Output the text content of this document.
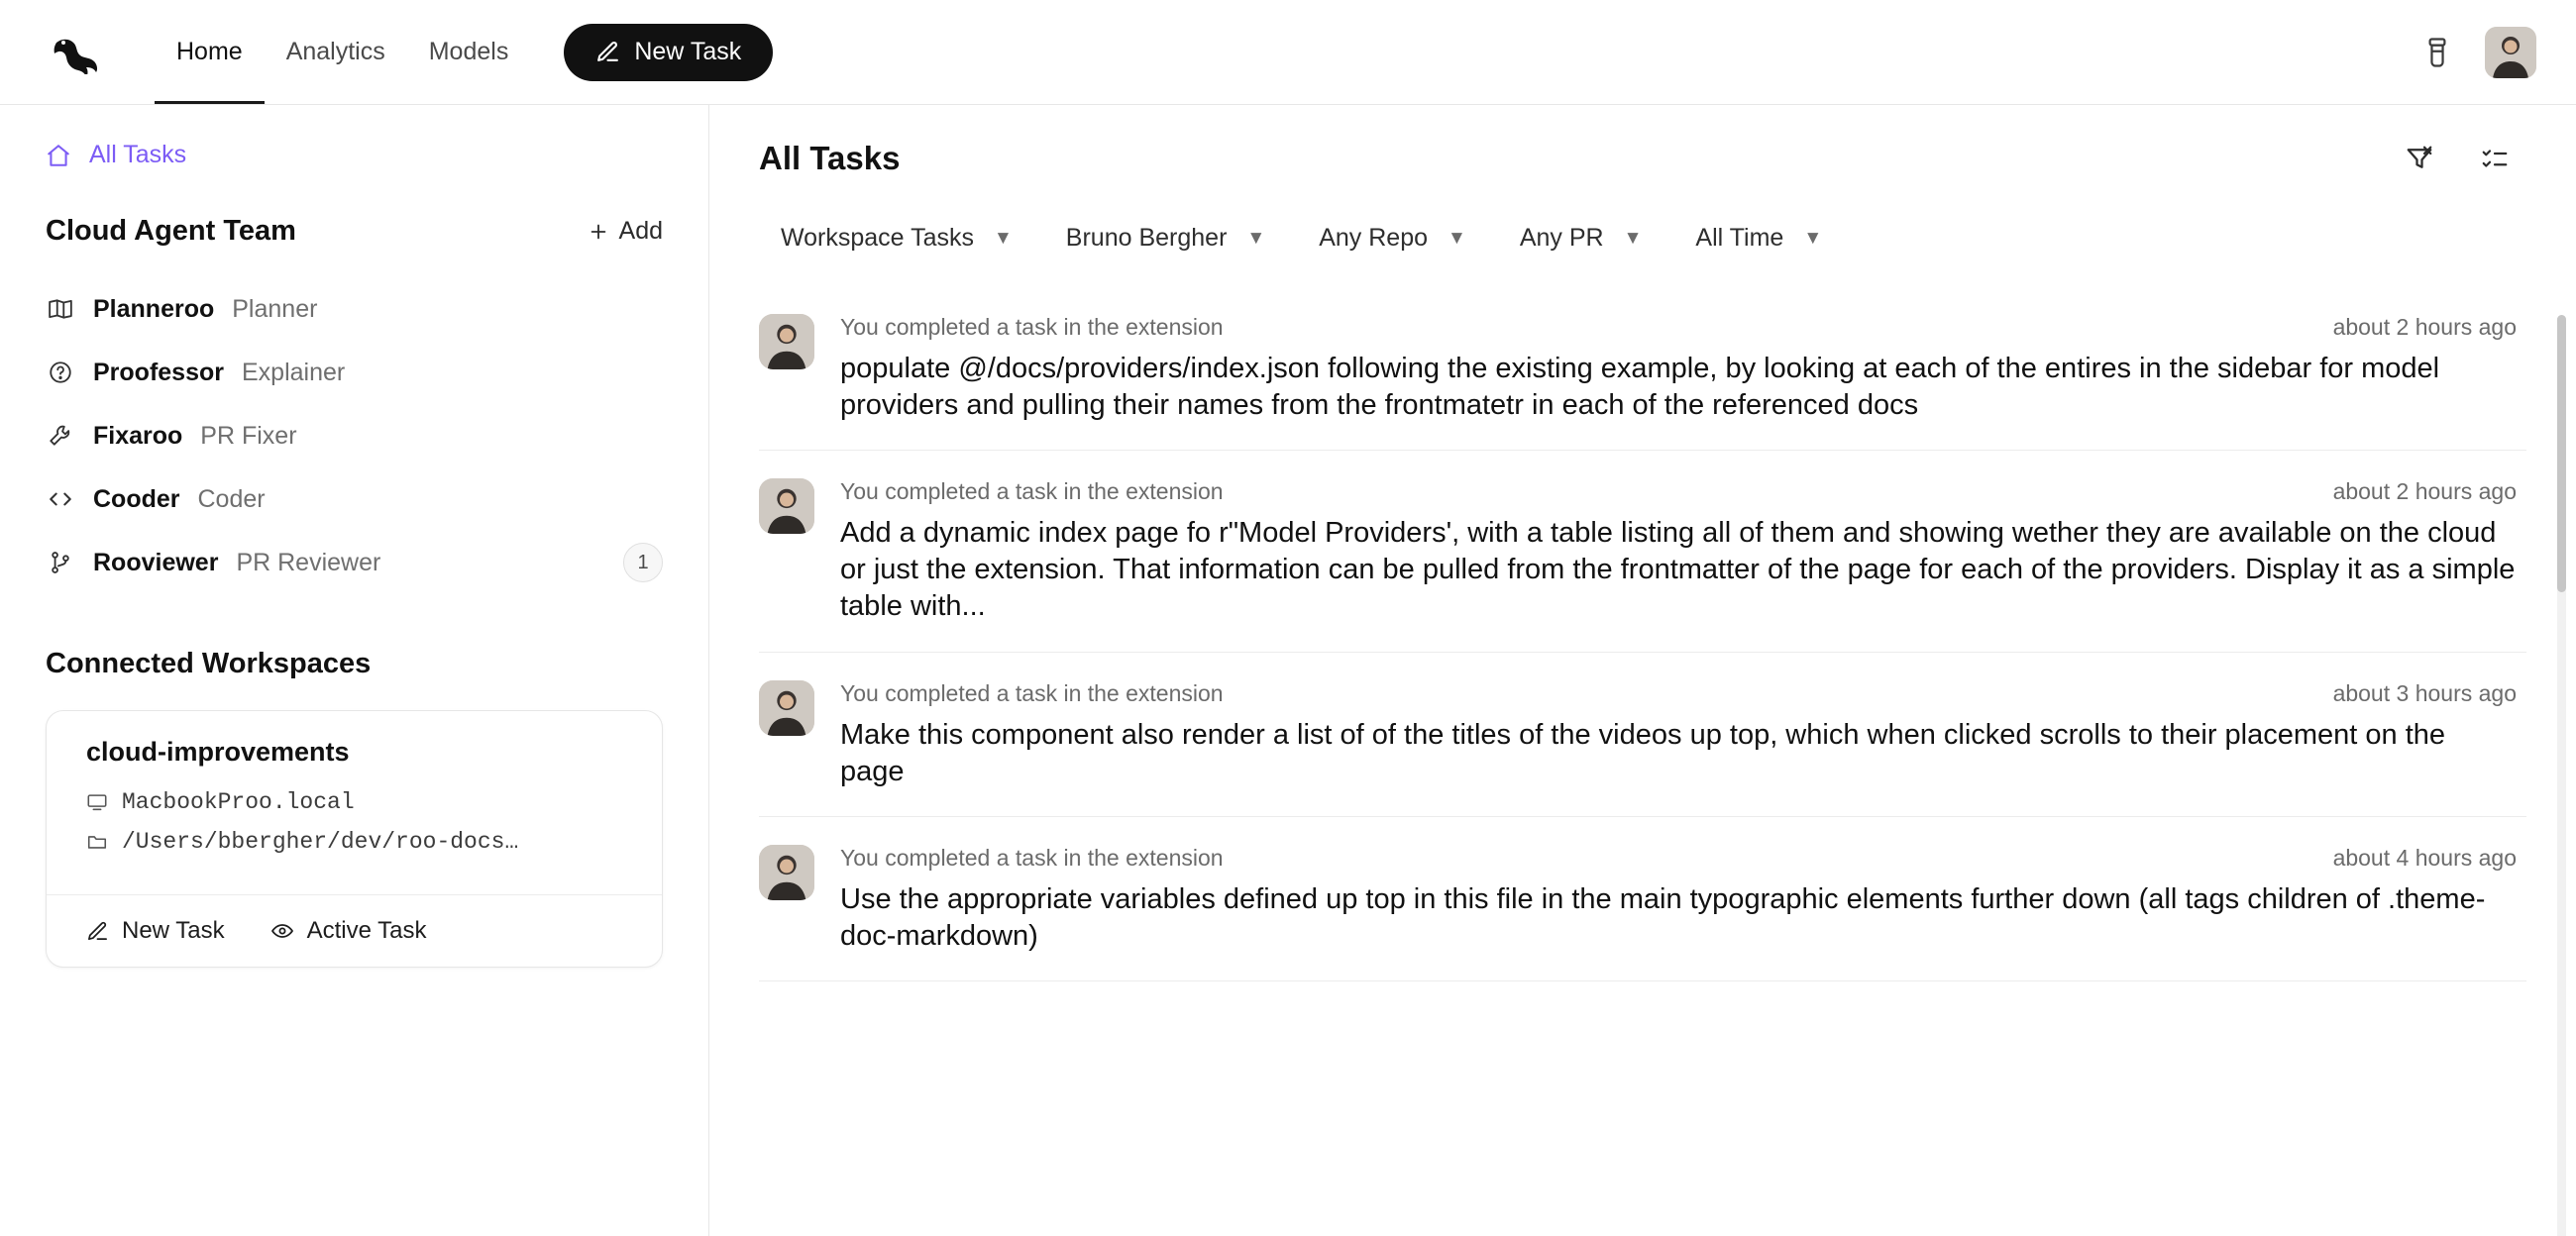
Home	Analytics	Models	New Task
All Tasks
Cloud Agent Team	Add
Planneroo Planner
Proofessor Explainer
Fixaroo PR Fixer
Cooder Coder
Rooviewer PR Reviewer	1
Connected Workspaces
cloud-improvements
MacbookProo.local
/Users/bbergher/dev/roo-docs…
New Task	Active Task
All Tasks
Workspace Tasks ▼ Bruno Bergher ▼ Any Repo ▼ Any PR ▼ All Time ▼
You completed a task in the extension	about 2 hours ago
populate @/docs/providers/index.json following the existing example, by looking at each of the entires in the sidebar for model providers and pulling their names from the frontmatetr in each of the referenced docs
You completed a task in the extension	about 2 hours ago
Add a dynamic index page fo r"Model Providers', with a table listing all of them and showing wether they are available on the cloud or just the extension. That information can be pulled from the frontmatter of the page for each of the providers. Display it as a simple table with...
You completed a task in the extension	about 3 hours ago
Make this component also render a list of of the titles of the videos up top, which when clicked scrolls to their placement on the page
You completed a task in the extension	about 4 hours ago
Use the appropriate variables defined up top in this file in the main typographic elements further down (all tags children of .theme-doc-markdown)
